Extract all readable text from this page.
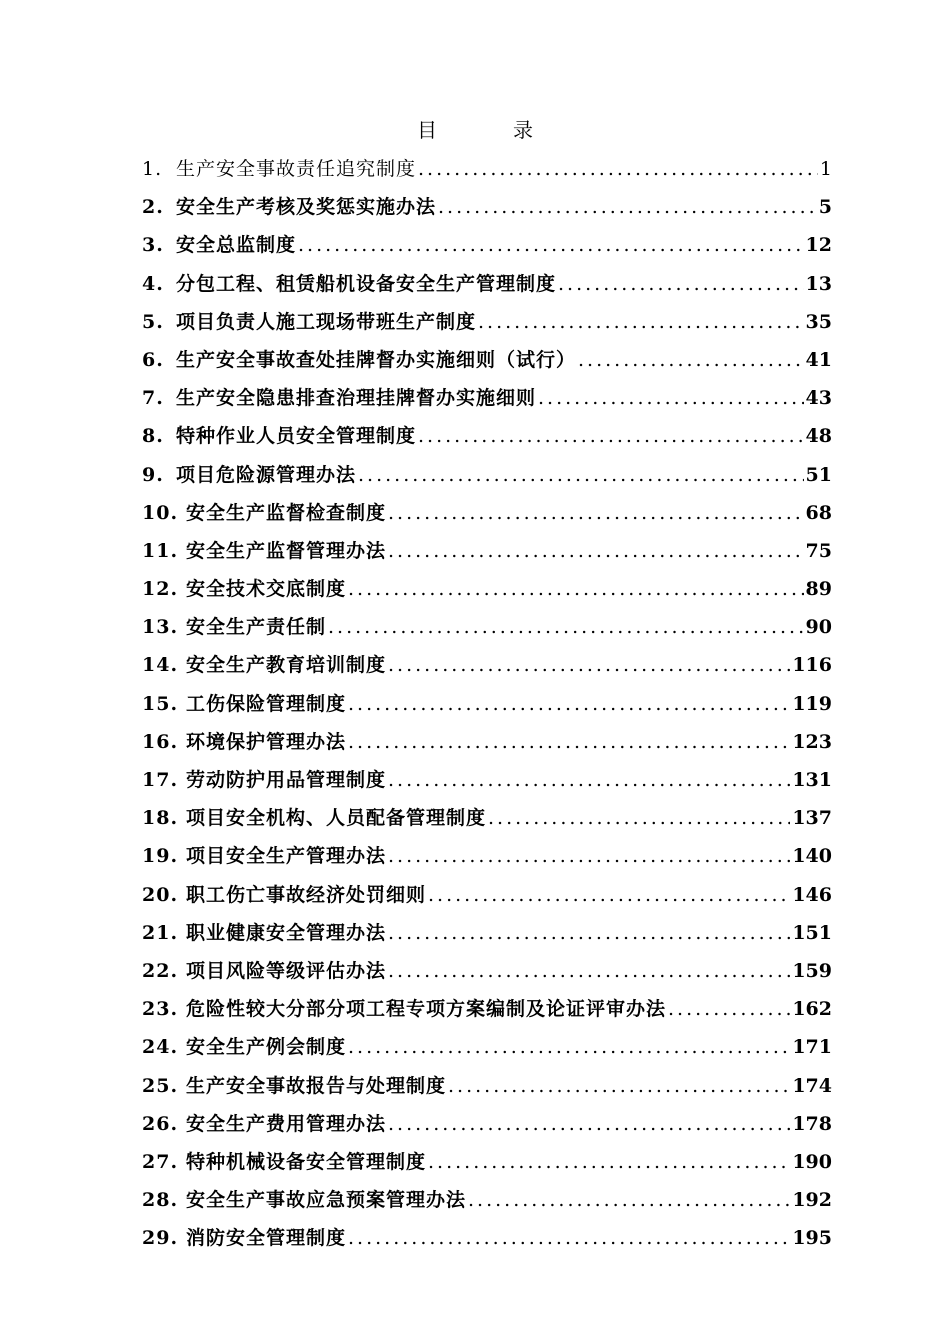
目　录
1. 生产安全事故责任追究制度 .....	1
2. 安全生产考核及奖惩实施办法 .....	5
3. 安全总监制度 .....	12
4. 分包工程、租赁船机设备安全生产管理制度 .....	13
5. 项目负责人施工现场带班生产制度 .....	35
6. 生产安全事故查处挂牌督办实施细则（试行） .....	41
7. 生产安全隐患排查治理挂牌督办实施细则 .....	43
8. 特种作业人员安全管理制度 .....	48
9. 项目危险源管理办法 .....	51
10. 安全生产监督检查制度 .....	68
11. 安全生产监督管理办法 .....	75
12. 安全技术交底制度 .....	89
13. 安全生产责任制 .....	90
14. 安全生产教育培训制度 .....	116
15. 工伤保险管理制度 .....	119
16. 环境保护管理办法 .....	123
17. 劳动防护用品管理制度 .....	131
18. 项目安全机构、人员配备管理制度 .....	137
19. 项目安全生产管理办法 .....	140
20. 职工伤亡事故经济处罚细则 .....	146
21. 职业健康安全管理办法 .....	151
22. 项目风险等级评估办法 .....	159
23. 危险性较大分部分项工程专项方案编制及论证评审办法 .....	162
24. 安全生产例会制度 .....	171
25. 生产安全事故报告与处理制度 .....	174
26. 安全生产费用管理办法 .....	178
27. 特种机械设备安全管理制度 .....	190
28. 安全生产事故应急预案管理办法 .....	192
29. 消防安全管理制度 .....	195
